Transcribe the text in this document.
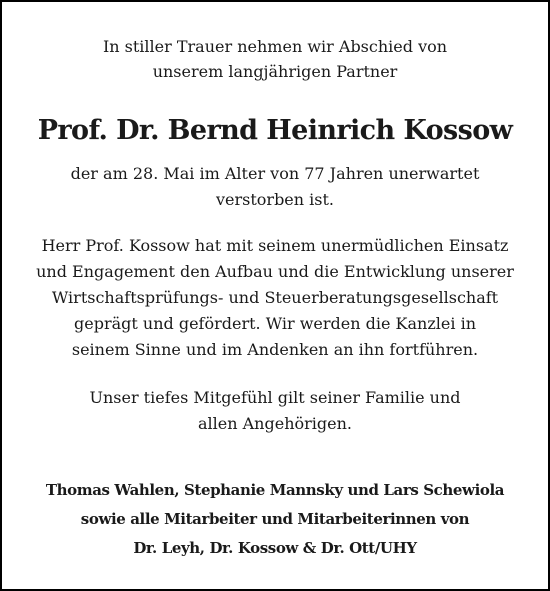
In stiller Trauer nehmen wir Abschied von
unserem langjährigen Partner

Prof. Dr. Bernd Heinrich Kossow

der am 28. Mai im Alter von 77 Jahren unerwartet
verstorben ist.

Herr Prof. Kossow hat mit seinem unermüdlichen Einsatz
und Engagement den Aufbau und die Entwicklung unserer
Wirtschaftsprüfungs- und Steuerberatungsgesellschaft
geprägt und gefördert. Wir werden die Kanzlei in
seinem Sinne und im Andenken an ihn fortführen.

Unser tiefes Mitgefühl gilt seiner Familie und
allen Angehörigen.

Thomas Wahlen, Stephanie Mannsky und Lars Schewiola
sowie alle Mitarbeiter und Mitarbeiterinnen von
Dr. Leyh, Dr. Kossow & Dr. Ott/UHY
